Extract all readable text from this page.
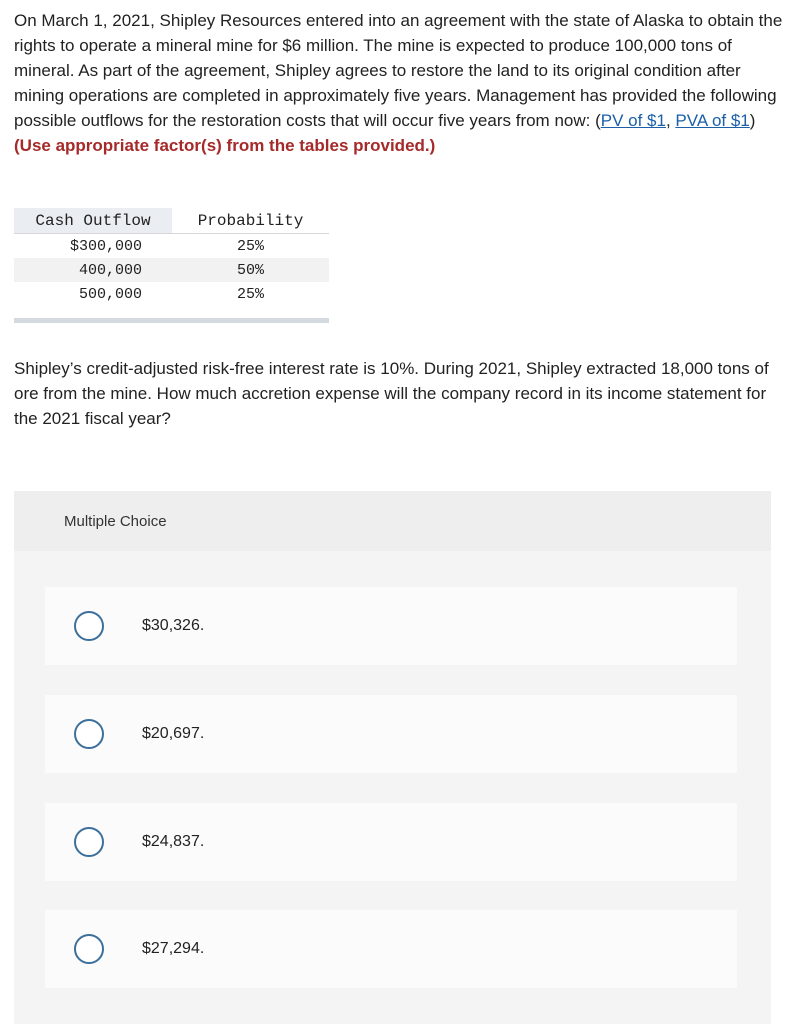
On March 1, 2021, Shipley Resources entered into an agreement with the state of Alaska to obtain the rights to operate a mineral mine for $6 million. The mine is expected to produce 100,000 tons of mineral. As part of the agreement, Shipley agrees to restore the land to its original condition after mining operations are completed in approximately five years. Management has provided the following possible outflows for the restoration costs that will occur five years from now: (PV of $1, PVA of $1) (Use appropriate factor(s) from the tables provided.)

Cash Outflow	Probability
$300,000	25%
400,000	50%
500,000	25%

Shipley’s credit-adjusted risk-free interest rate is 10%. During 2021, Shipley extracted 18,000 tons of ore from the mine. How much accretion expense will the company record in its income statement for the 2021 fiscal year?

Multiple Choice
$30,326.
$20,697.
$24,837.
$27,294.
